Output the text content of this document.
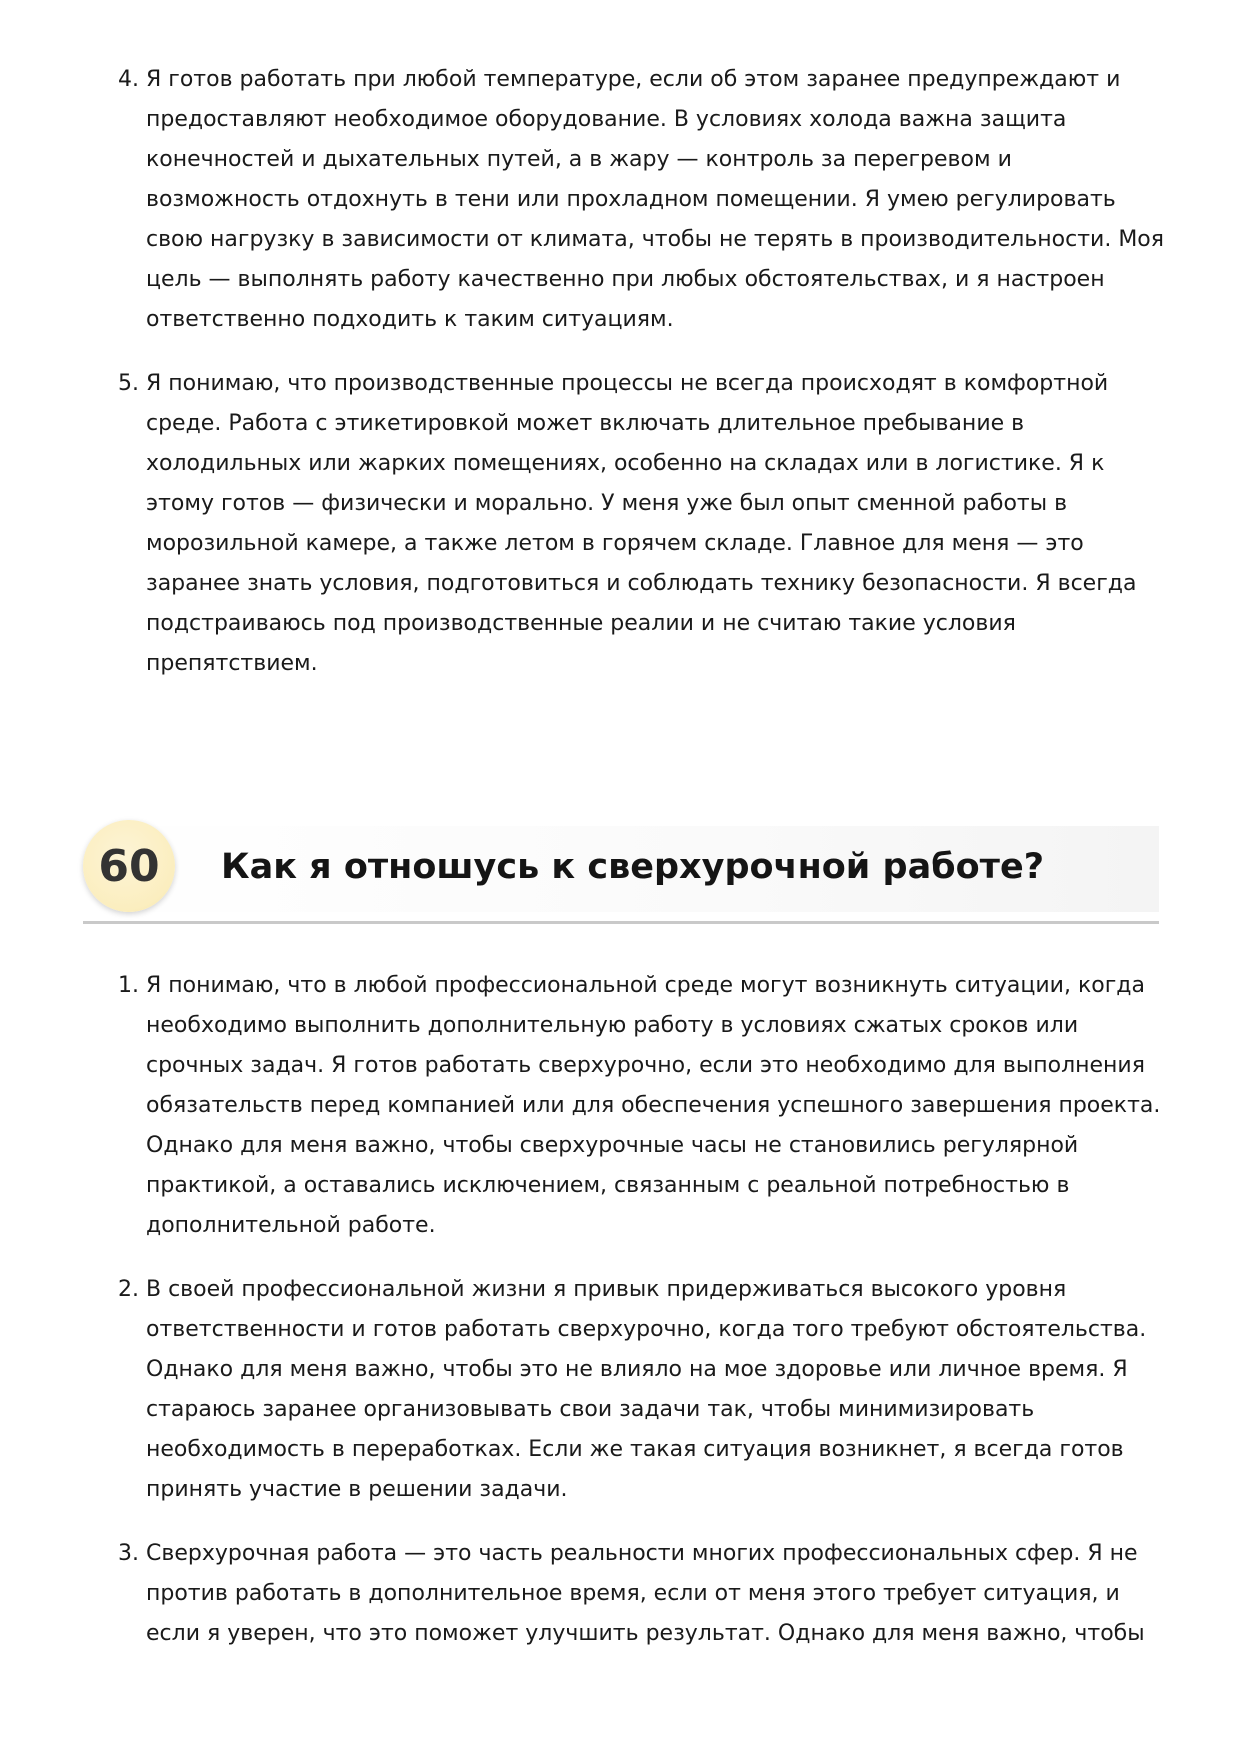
4. Я готов работать при любой температуре, если об этом заранее предупреждают и предоставляют необходимое оборудование. В условиях холода важна защита конечностей и дыхательных путей, а в жару — контроль за перегревом и возможность отдохнуть в тени или прохладном помещении. Я умею регулировать свою нагрузку в зависимости от климата, чтобы не терять в производительности. Моя цель — выполнять работу качественно при любых обстоятельствах, и я настроен ответственно подходить к таким ситуациям.
5. Я понимаю, что производственные процессы не всегда происходят в комфортной среде. Работа с этикетировкой может включать длительное пребывание в холодильных или жарких помещениях, особенно на складах или в логистике. Я к этому готов — физически и морально. У меня уже был опыт сменной работы в морозильной камере, а также летом в горячем складе. Главное для меня — это заранее знать условия, подготовиться и соблюдать технику безопасности. Я всегда подстраиваюсь под производственные реалии и не считаю такие условия препятствием.
60	Как я отношусь к сверхурочной работе?
1. Я понимаю, что в любой профессиональной среде могут возникнуть ситуации, когда необходимо выполнить дополнительную работу в условиях сжатых сроков или срочных задач. Я готов работать сверхурочно, если это необходимо для выполнения обязательств перед компанией или для обеспечения успешного завершения проекта. Однако для меня важно, чтобы сверхурочные часы не становились регулярной практикой, а оставались исключением, связанным с реальной потребностью в дополнительной работе.
2. В своей профессиональной жизни я привык придерживаться высокого уровня ответственности и готов работать сверхурочно, когда того требуют обстоятельства. Однако для меня важно, чтобы это не влияло на мое здоровье или личное время. Я стараюсь заранее организовывать свои задачи так, чтобы минимизировать необходимость в переработках. Если же такая ситуация возникнет, я всегда готов принять участие в решении задачи.
3. Сверхурочная работа — это часть реальности многих профессиональных сфер. Я не против работать в дополнительное время, если от меня этого требует ситуация, и если я уверен, что это поможет улучшить результат. Однако для меня важно, чтобы
